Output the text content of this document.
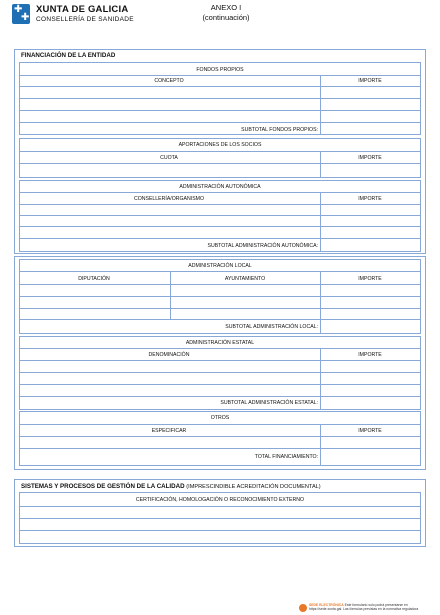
✚
✚
XUNTA DE GALICIA
CONSELLERÍA DE SANIDADE
ANEXO I
(continuación)
FINANCIACIÓN DE LA ENTIDAD
FONDOS PROPIOS
CONCEPTO	IMPORTE
SUBTOTAL FONDOS PROPIOS:
APORTACIONES DE LOS SOCIOS
CUOTA	IMPORTE
ADMINISTRACIÓN AUTONÓMICA
CONSELLERÍA/ORGANISMO	IMPORTE
SUBTOTAL ADMINISTRACIÓN AUTONÓMICA:
ADMINISTRACIÓN LOCAL
DIPUTACIÓN	AYUNTAMIENTO	IMPORTE
SUBTOTAL ADMINISTRACIÓN LOCAL:
ADMINISTRACIÓN ESTATAL
DENOMINACIÓN	IMPORTE
SUBTOTAL ADMINISTRACIÓN ESTATAL:
OTROS
ESPECIFICAR	IMPORTE
TOTAL FINANCIAMIENTO:
SISTEMAS Y PROCESOS DE GESTIÓN DE LA CALIDAD (IMPRESCINDIBLE ACREDITACIÓN DOCUMENTAL)
CERTIFICACIÓN, HOMOLOGACIÓN O RECONOCIMIENTO EXTERNO
SEDE ELECTRÓNICA Este formulario solo podrá presentarse en https://sede.xunta.gal. Las fórmulas previstas en la normativa reguladora
